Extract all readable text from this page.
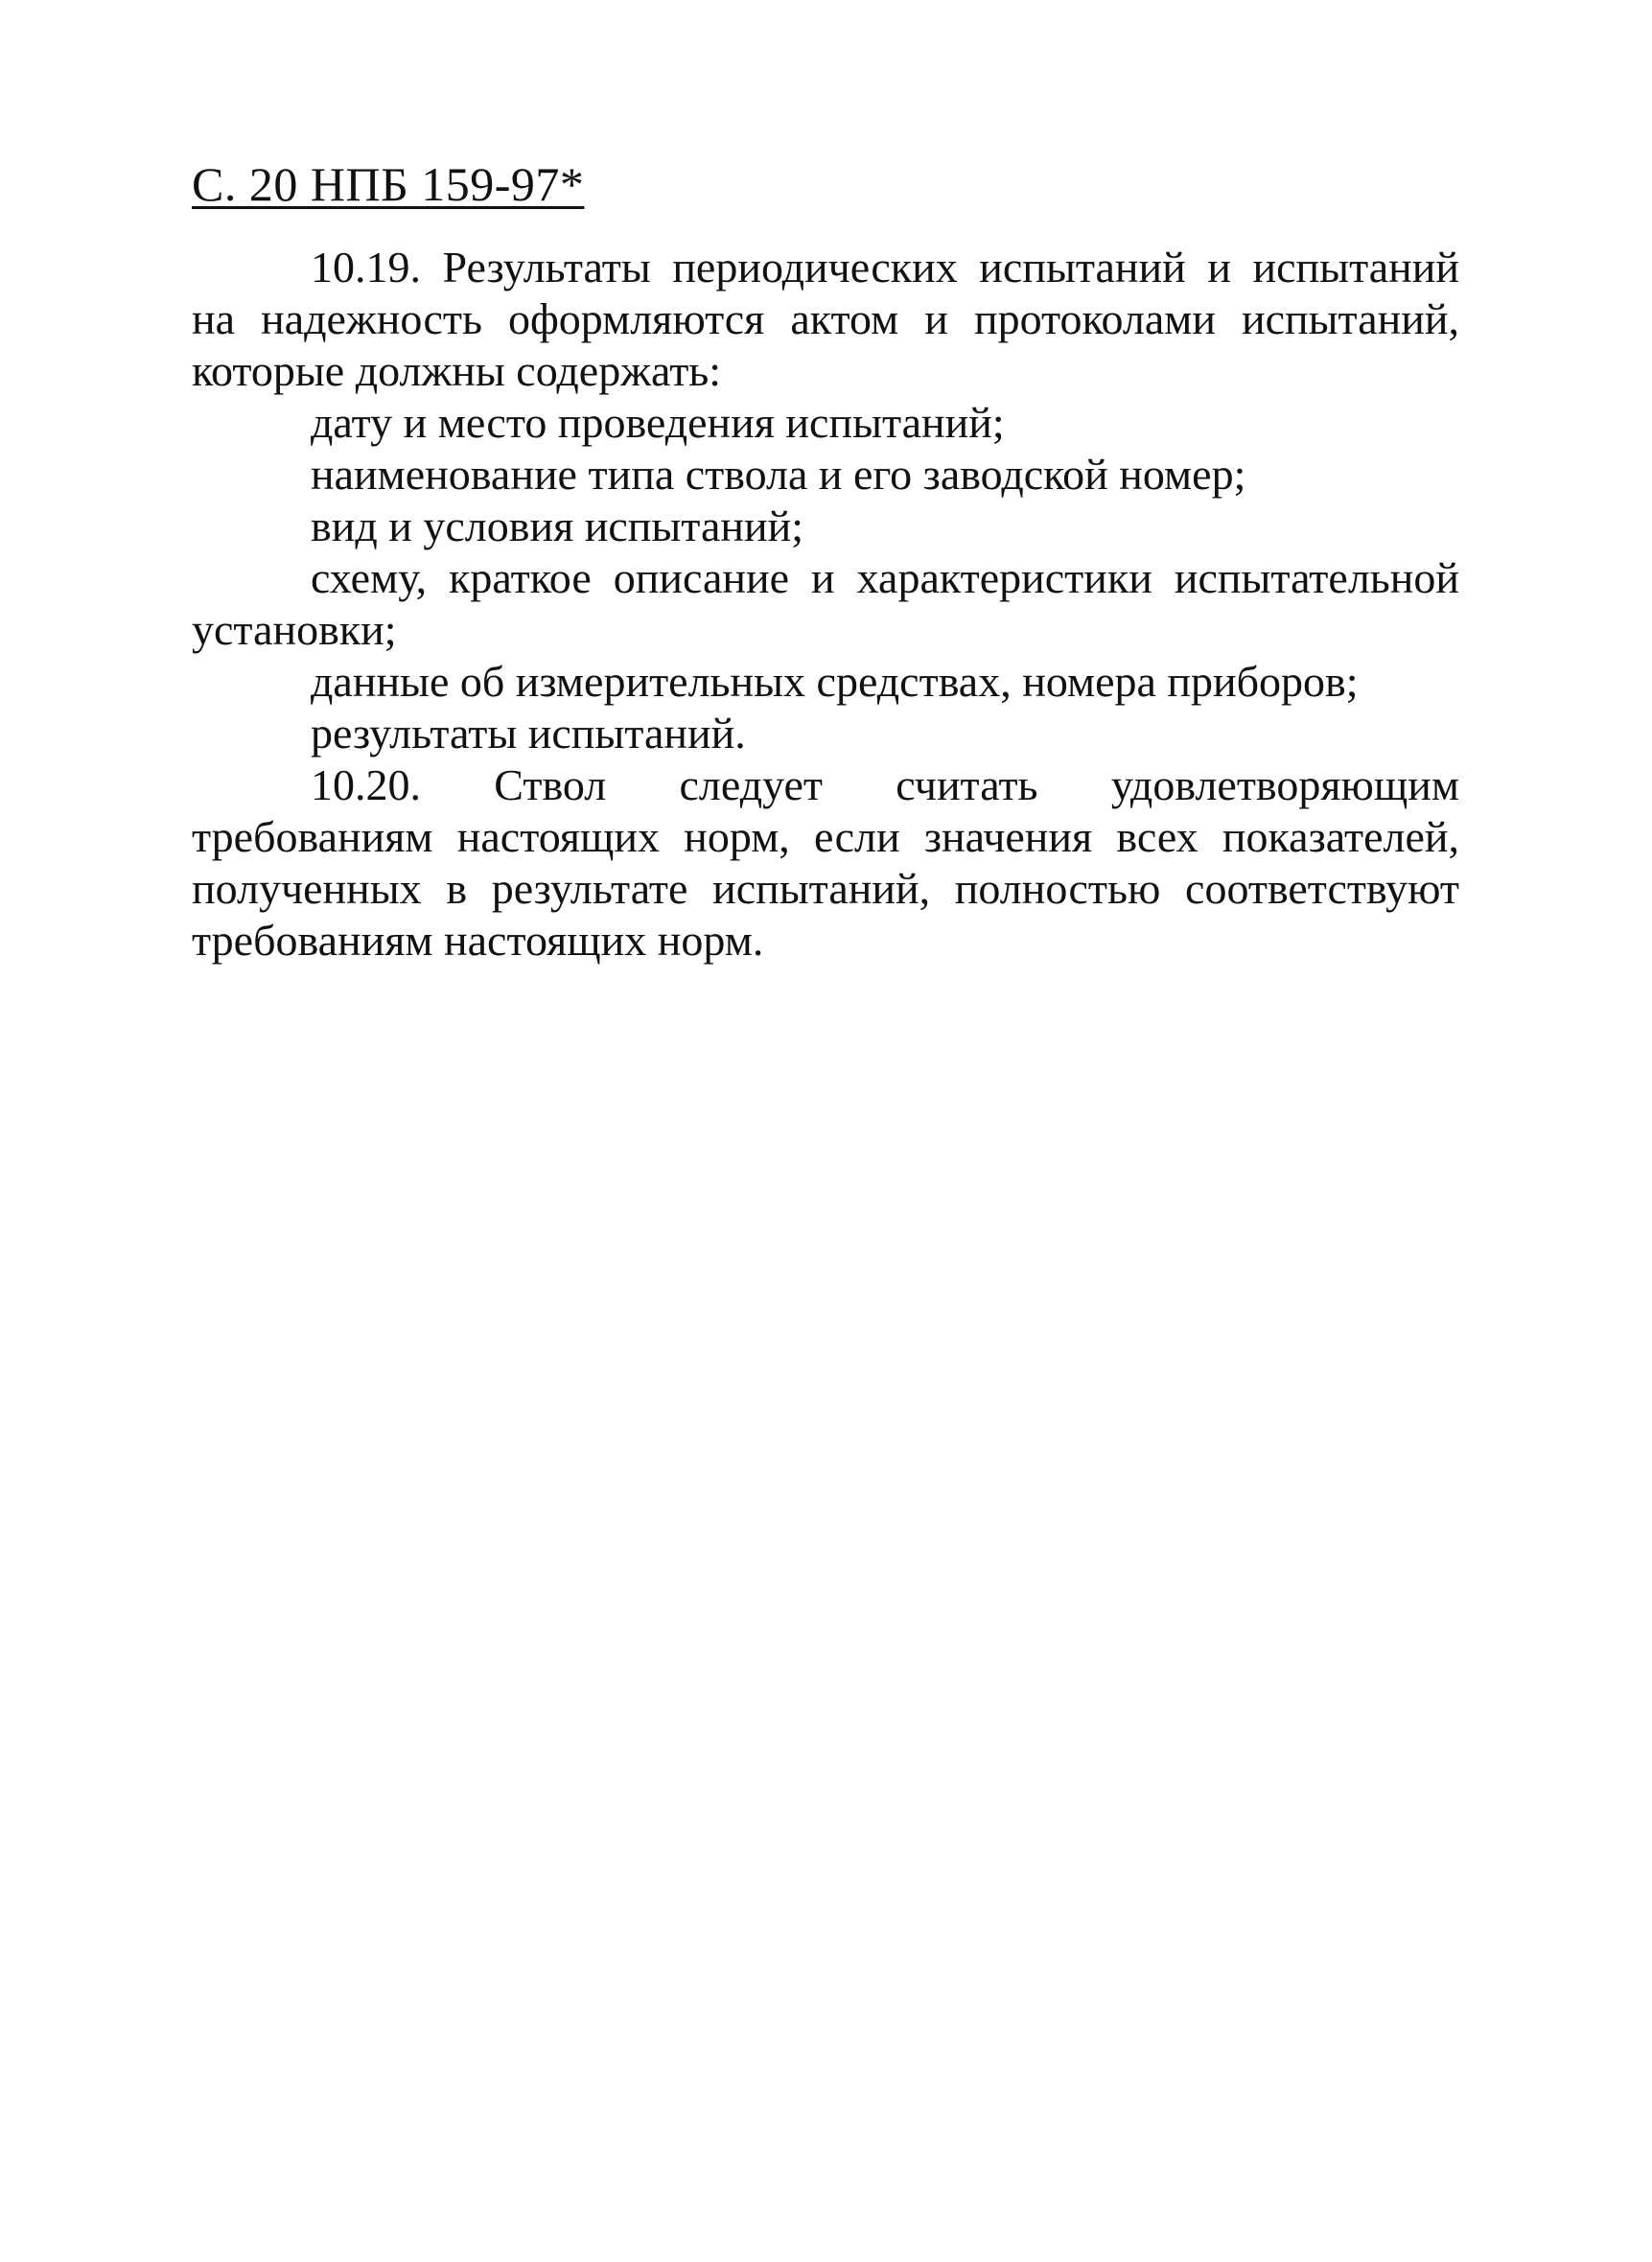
С. 20 НПБ 159-97*

10.19. Результаты периодических испытаний и испытаний на надежность оформляются актом и протоколами испытаний, которые должны содержать:

дату и место проведения испытаний;

наименование типа ствола и его заводской номер;

вид и условия испытаний;

схему, краткое описание и характеристики испытательной установки;

данные об измерительных средствах, номера приборов;

результаты испытаний.

10.20. Ствол следует считать удовлетворяющим требованиям настоящих норм, если значения всех показателей, полученных в результате испытаний, полностью соответствуют требованиям настоящих норм.
